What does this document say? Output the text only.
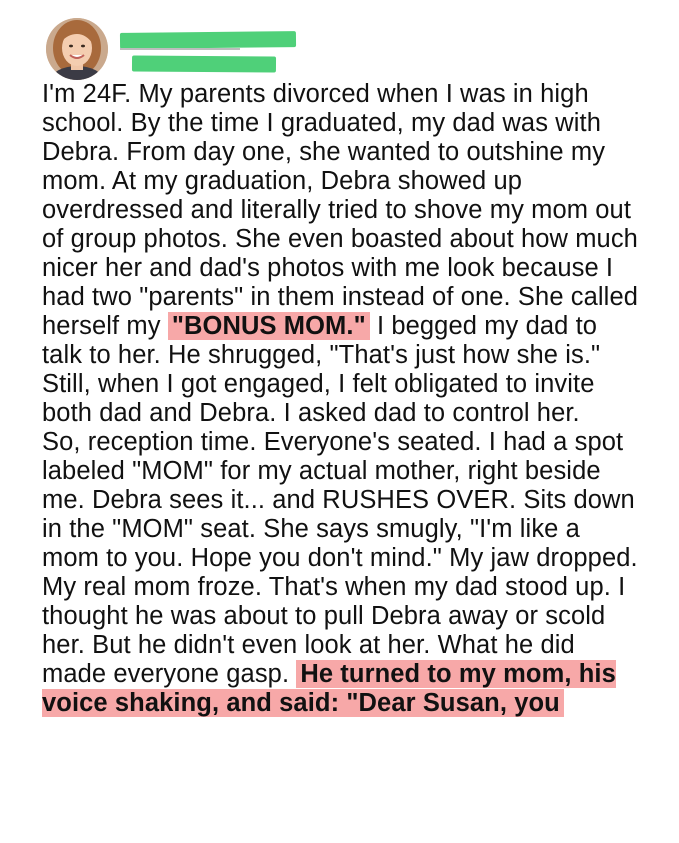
I'm 24F. My parents divorced when I was in high school. By the time I graduated, my dad was with Debra. From day one, she wanted to outshine my mom. At my graduation, Debra showed up overdressed and literally tried to shove my mom out of group photos. She even boasted about how much nicer her and dad's photos with me look because I had two "parents" in them instead of one. She called herself my "BONUS MOM." I begged my dad to talk to her. He shrugged, "That's just how she is." Still, when I got engaged, I felt obligated to invite both dad and Debra. I asked dad to control her.

So, reception time. Everyone's seated. I had a spot labeled "MOM" for my actual mother, right beside me. Debra sees it... and RUSHES OVER. Sits down in the "MOM" seat. She says smugly, "I'm like a mom to you. Hope you don't mind." My jaw dropped. My real mom froze. That's when my dad stood up. I thought he was about to pull Debra away or scold her. But he didn't even look at her. What he did made everyone gasp. He turned to my mom, his voice shaking, and said: "Dear Susan, you
